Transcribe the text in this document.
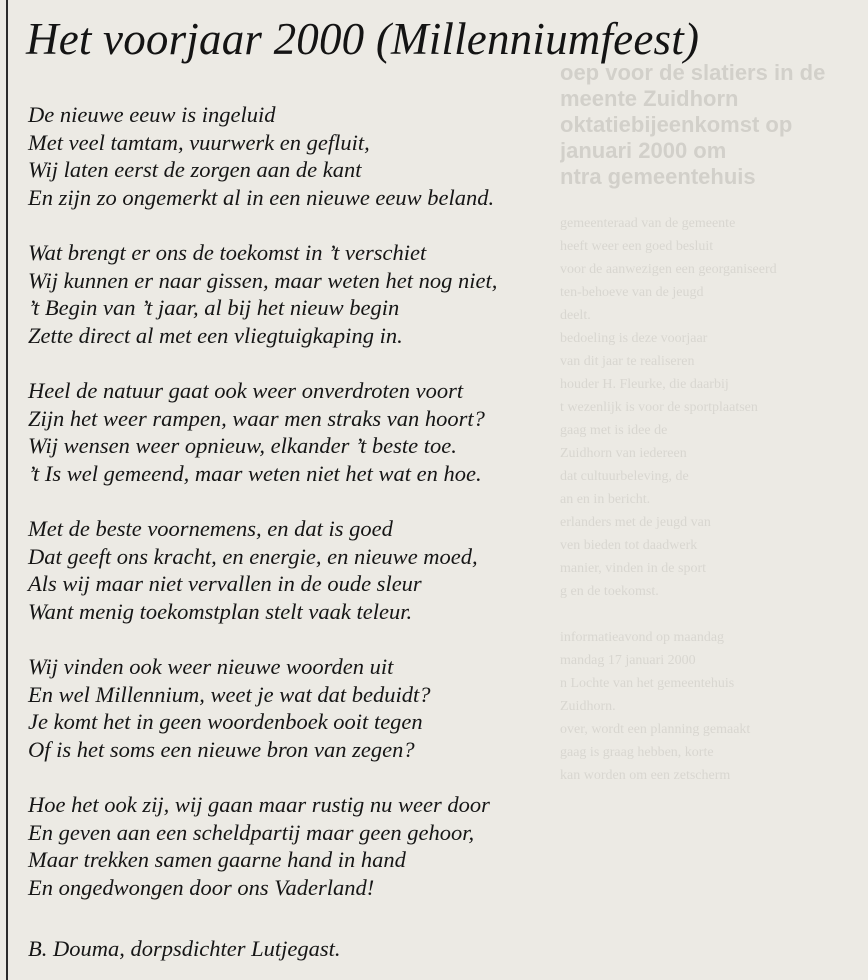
oep voor de slatiers in de
meente Zuidhorn
oktatiebijeenkomst op
januari 2000 om
ntra gemeentehuis

gemeenteraad van de gemeente

heeft weer een goed besluit

voor de aanwezigen een georganiseerd

ten-behoeve van de jeugd

deelt.

bedoeling is deze voorjaar

van dit jaar te realiseren

houder H. Fleurke, die daarbij

t wezenlijk is voor de sportplaatsen

gaag met is idee de

Zuidhorn van iedereen

dat cultuurbeleving, de

an en in bericht.

erlanders met de jeugd van

ven bieden tot daadwerk

manier, vinden in de sport

g en de toekomst.

informatieavond op maandag

mandag 17 januari 2000

n Lochte van het gemeentehuis

Zuidhorn.

over, wordt een planning gemaakt

gaag is graag hebben, korte

kan worden om een zetscherm

Het voorjaar 2000 (Millenniumfeest)
De nieuwe eeuw is ingeluid
Met veel tamtam, vuurwerk en gefluit,
Wij laten eerst de zorgen aan de kant
En zijn zo ongemerkt al in een nieuwe eeuw beland.
Wat brengt er ons de toekomst in ’t verschiet
Wij kunnen er naar gissen, maar weten het nog niet,
’t Begin van ’t jaar, al bij het nieuw begin
Zette direct al met een vliegtuigkaping in.
Heel de natuur gaat ook weer onverdroten voort
Zijn het weer rampen, waar men straks van hoort?
Wij wensen weer opnieuw, elkander ’t beste toe.
’t Is wel gemeend, maar weten niet het wat en hoe.
Met de beste voornemens, en dat is goed
Dat geeft ons kracht, en energie, en nieuwe moed,
Als wij maar niet vervallen in de oude sleur
Want menig toekomstplan stelt vaak teleur.
Wij vinden ook weer nieuwe woorden uit
En wel Millennium, weet je wat dat beduidt?
Je komt het in geen woordenboek ooit tegen
Of is het soms een nieuwe bron van zegen?
Hoe het ook zij, wij gaan maar rustig nu weer door
En geven aan een scheldpartij maar geen gehoor,
Maar trekken samen gaarne hand in hand
En ongedwongen door ons Vaderland!
B. Douma, dorpsdichter Lutjegast.
